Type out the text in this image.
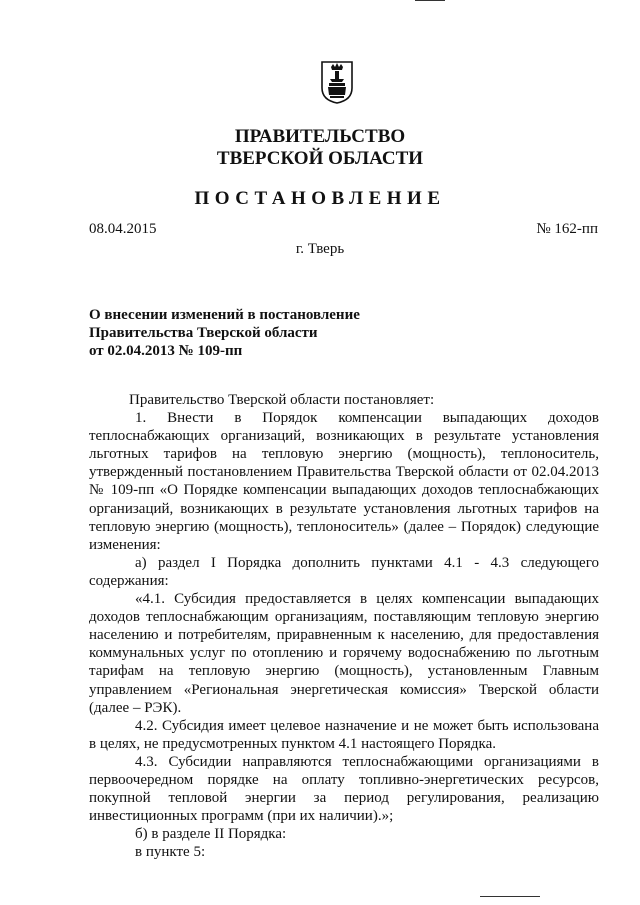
ПРАВИТЕЛЬСТВО
ТВЕРСКОЙ ОБЛАСТИ
ПОСТАНОВЛЕНИЕ
08.04.2015	№ 162-пп
г. Тверь
О внесении изменений в постановление
Правительства Тверской области
от 02.04.2013 № 109-пп

Правительство Тверской области постановляет:

1. Внести в Порядок компенсации выпадающих доходов теплоснабжающих организаций, возникающих в результате установления льготных тарифов на тепловую энергию (мощность), теплоноситель, утвержденный постановлением Правительства Тверской области от 02.04.2013 № 109-пп «О Порядке компенсации выпадающих доходов теплоснабжающих организаций, возникающих в результате установления льготных тарифов на тепловую энергию (мощность), теплоноситель» (далее – Порядок) следующие изменения:

а) раздел I Порядка дополнить пунктами 4.1 - 4.3 следующего содержания:

«4.1. Субсидия предоставляется в целях компенсации выпадающих доходов теплоснабжающим организациям, поставляющим тепловую энергию населению и потребителям, приравненным к населению, для предоставления коммунальных услуг по отоплению и горячему водоснабжению по льготным тарифам на тепловую энергию (мощность), установленным Главным управлением «Региональная энергетическая комиссия» Тверской области (далее – РЭК).

4.2. Субсидия имеет целевое назначение и не может быть использована в целях, не предусмотренных пунктом 4.1 настоящего Порядка.

4.3. Субсидии направляются теплоснабжающими организациями в первоочередном порядке на оплату топливно-энергетических ресурсов, покупной тепловой энергии за период регулирования, реализацию инвестиционных программ (при их наличии).»;

б) в разделе II Порядка:

в пункте 5:
